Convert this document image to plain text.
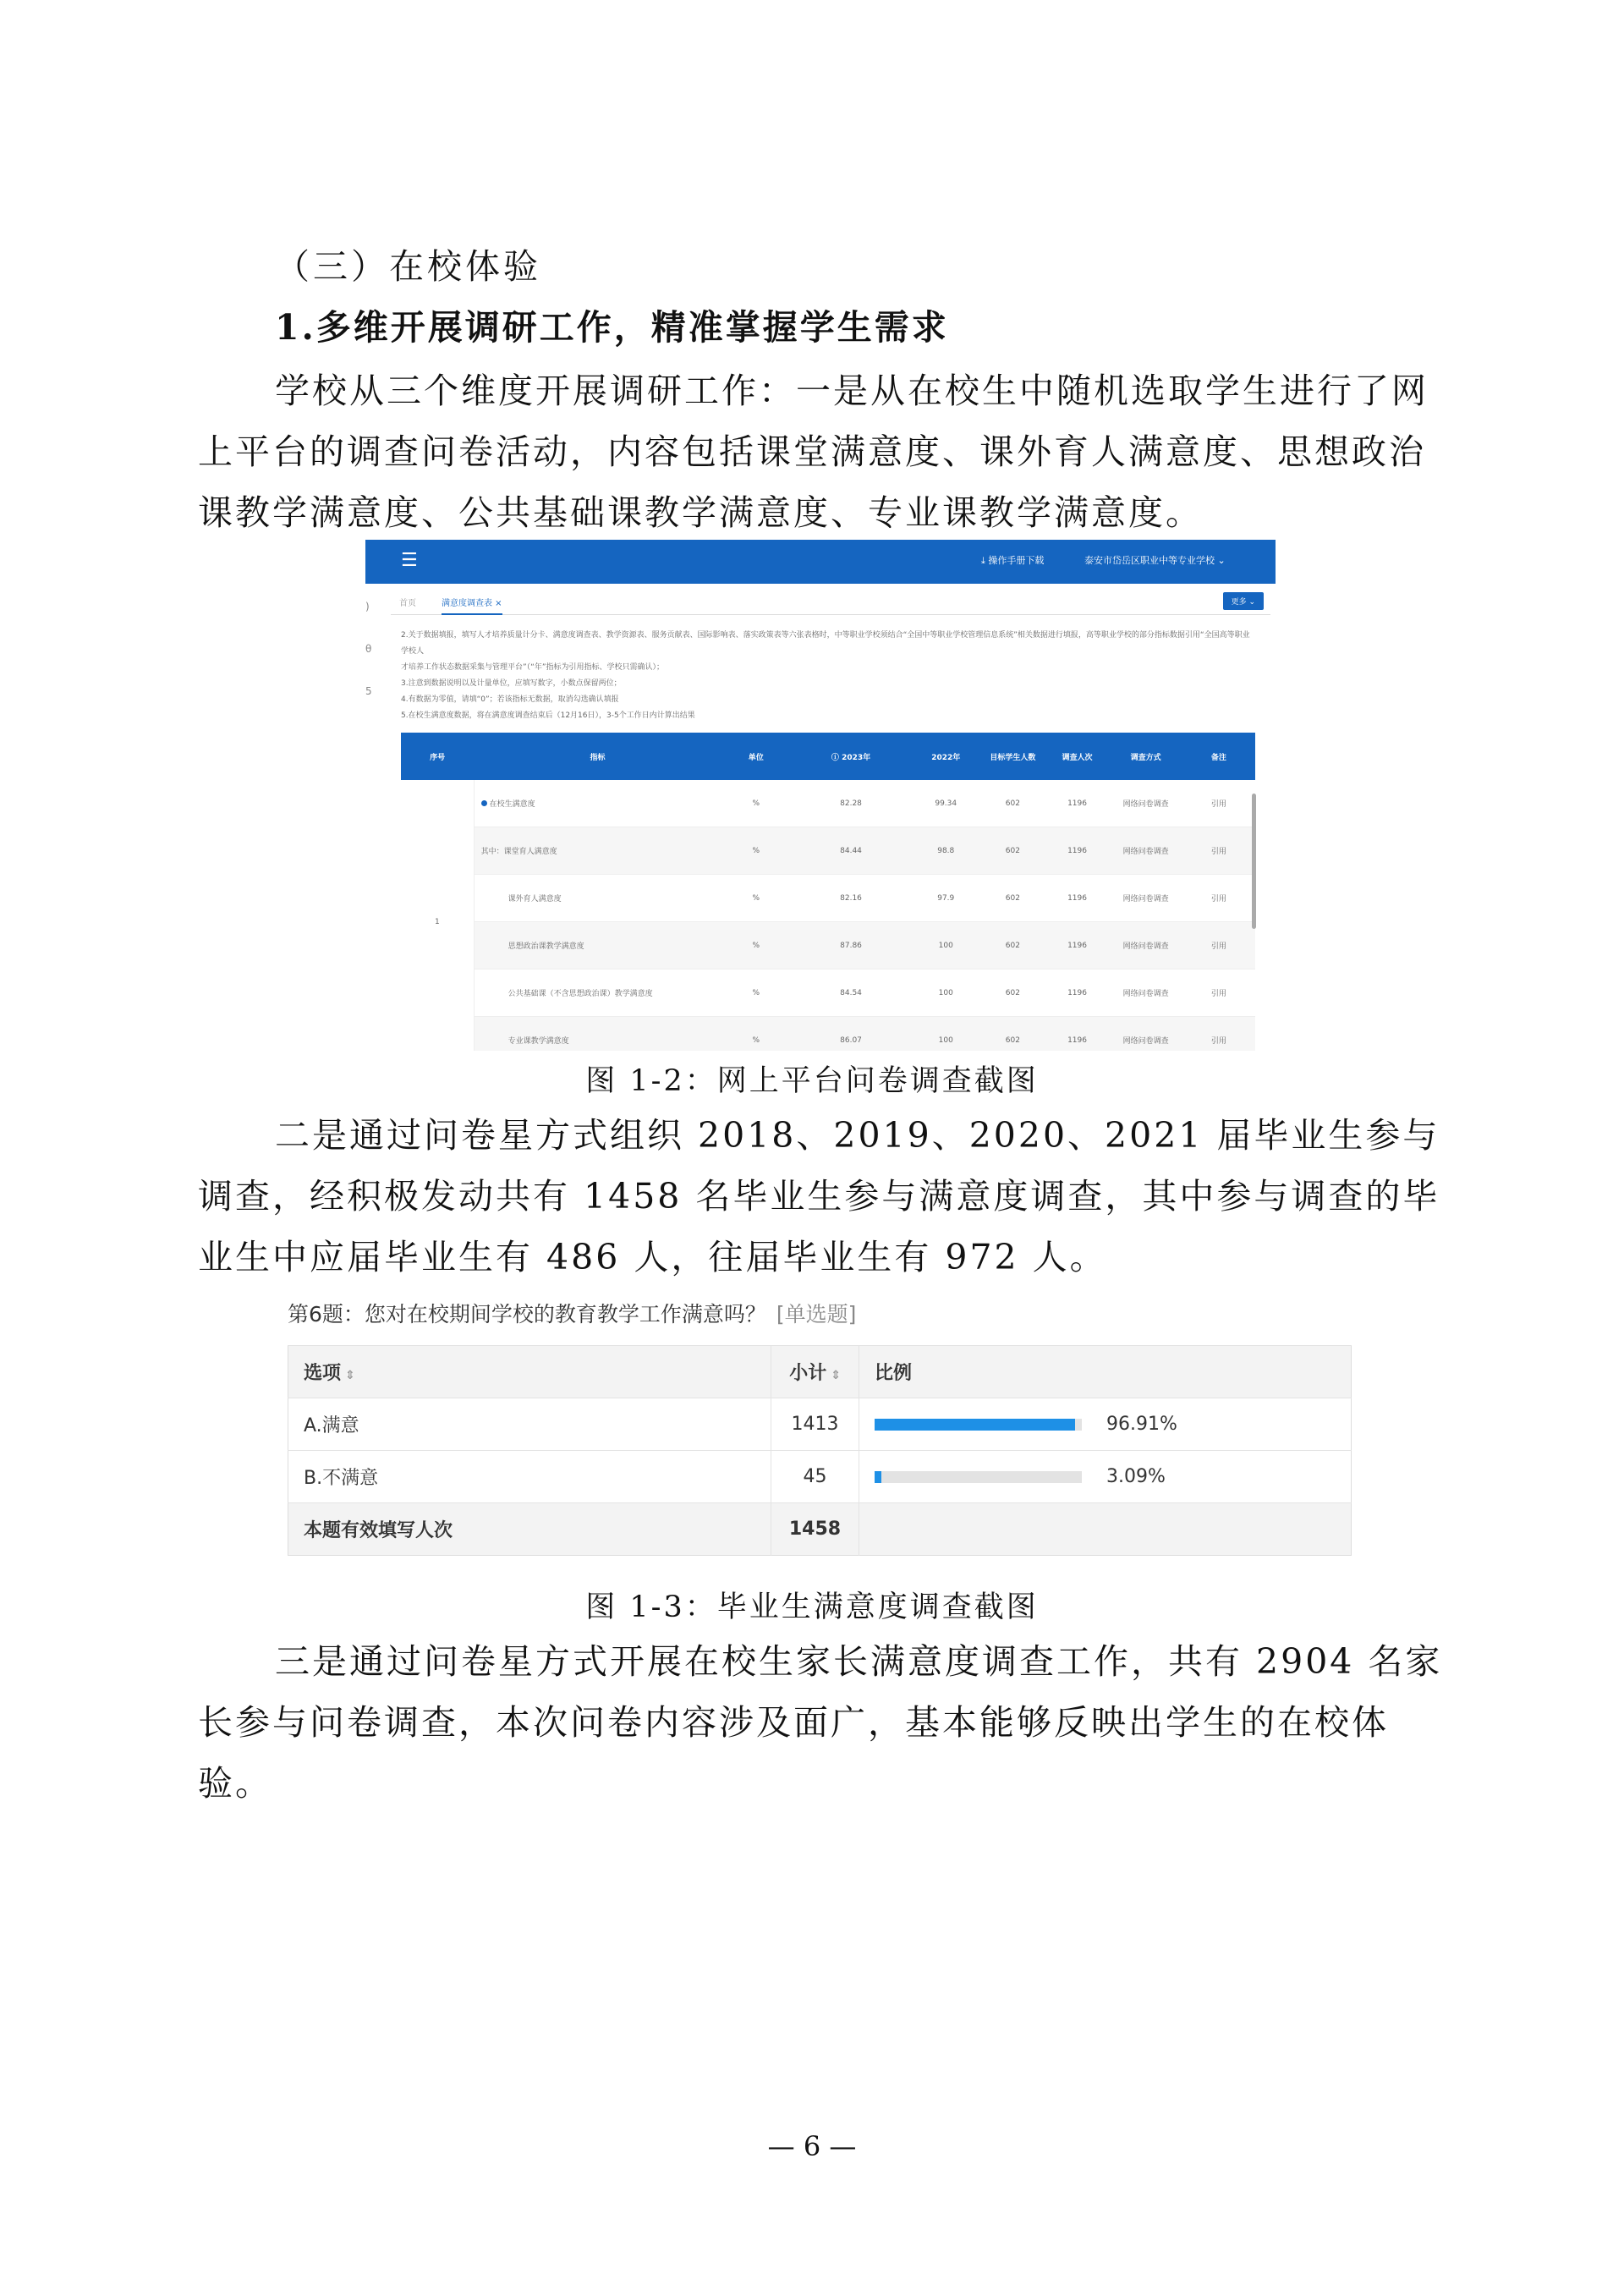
（三）在校体验
1.多维开展调研工作，精准掌握学生需求
学校从三个维度开展调研工作：一是从在校生中随机选取学生进行了网上平台的调查问卷活动，内容包括课堂满意度、课外育人满意度、思想政治课教学满意度、公共基础课教学满意度、专业课教学满意度。
☰	⤓ 操作手册下载	泰安市岱岳区职业中等专业学校 ⌄
)
θ
5
首页	满意度调查表 ×	更多 ⌄
2.关于数据填报，填写人才培养质量计分卡、满意度调查表、教学资源表、服务贡献表、国际影响表、落实政策表等六张表格时，中等职业学校须结合“全国中等职业学校管理信息系统”相关数据进行填报，高等职业学校的部分指标数据引用“全国高等职业学校人
才培养工作状态数据采集与管理平台”（“年”指标为引用指标、学校只需确认）；
3.注意到数据说明以及计量单位，应填写数字，小数点保留两位；
4.有数据为零值，请填“0”；若该指标无数据，取消勾选确认填报
5.在校生满意度数据，将在满意度调查结束后（12月16日），3-5个工作日内计算出结果
序号	指标	单位	ⓘ 2023年	2022年	目标学生人数	调查人次	调查方式	备注
1	在校生满意度	%	82.28	99.34	602	1196	网络问卷调查	引用
	其中：课堂育人满意度	%	84.44	98.8	602	1196	网络问卷调查	引用
	课外育人满意度	%	82.16	97.9	602	1196	网络问卷调查	引用
	思想政治课教学满意度	%	87.86	100	602	1196	网络问卷调查	引用
	公共基础课（不含思想政治课）教学满意度	%	84.54	100	602	1196	网络问卷调查	引用
	专业课教学满意度	%	86.07	100	602	1196	网络问卷调查	引用
图 1-2：网上平台问卷调查截图
二是通过问卷星方式组织 2018、2019、2020、2021 届毕业生参与调查，经积极发动共有 1458 名毕业生参与满意度调查，其中参与调查的毕业生中应届毕业生有 486 人，往届毕业生有 972 人。
第6题：您对在校期间学校的教育教学工作满意吗？ [单选题]
选项 ⇕	小计 ⇕	比例
A.满意	1413	96.91%
B.不满意	45	3.09%
本题有效填写人次	1458	
图 1-3：毕业生满意度调查截图
三是通过问卷星方式开展在校生家长满意度调查工作，共有 2904 名家长参与问卷调查，本次问卷内容涉及面广，基本能够反映出学生的在校体验。
— 6 —
